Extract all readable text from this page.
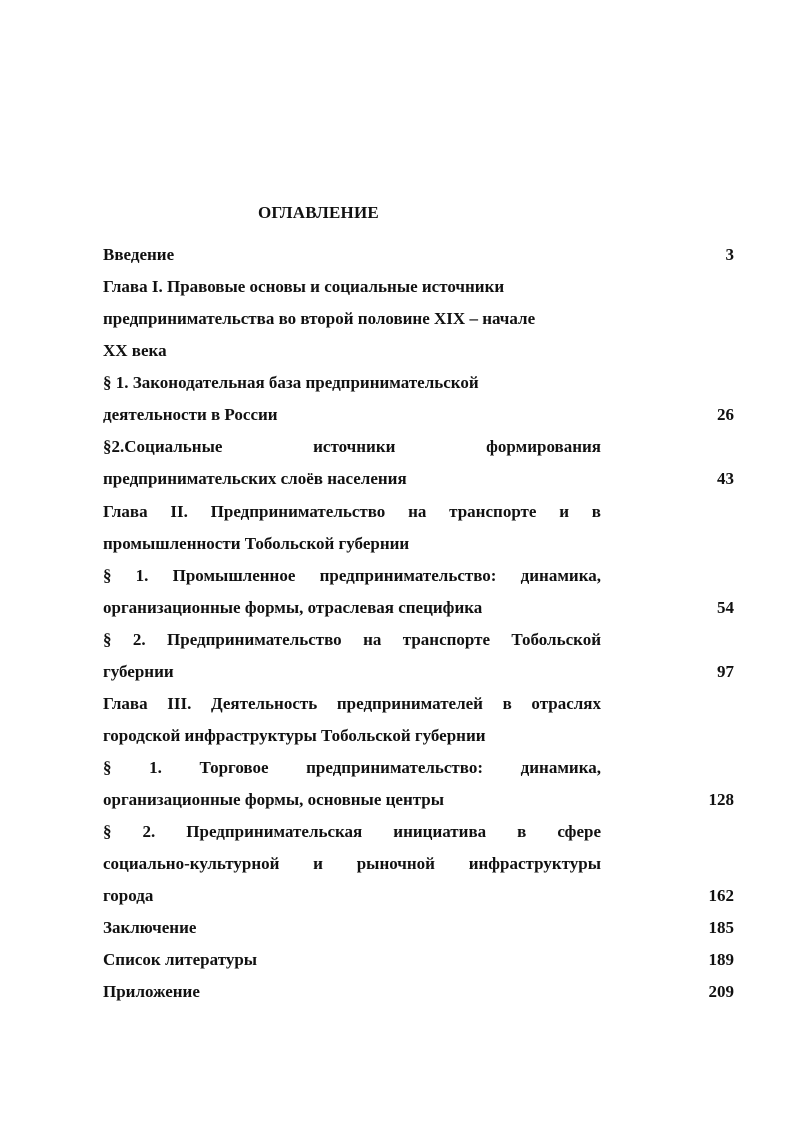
ОГЛАВЛЕНИЕ
Введение	3
Глава I. Правовые основы и социальные источники
предпринимательства во второй половине XIX – начале
XX века
§ 1. Законодательная база предпринимательской
деятельности в России	26
§2.Социальные источники формирования
предпринимательских слоёв населения	43
Глава II. Предпринимательство на транспорте и в
промышленности Тобольской губернии
§ 1. Промышленное предпринимательство: динамика,
организационные формы, отраслевая специфика	54
§ 2. Предпринимательство на транспорте Тобольской
губернии	97
Глава III. Деятельность предпринимателей в отраслях
городской инфраструктуры Тобольской губернии
§ 1. Торговое предпринимательство: динамика,
организационные формы, основные центры	128
§ 2. Предпринимательская инициатива в сфере
социально-культурной и рыночной инфраструктуры
города	162
Заключение	185
Список литературы	189
Приложение	209
